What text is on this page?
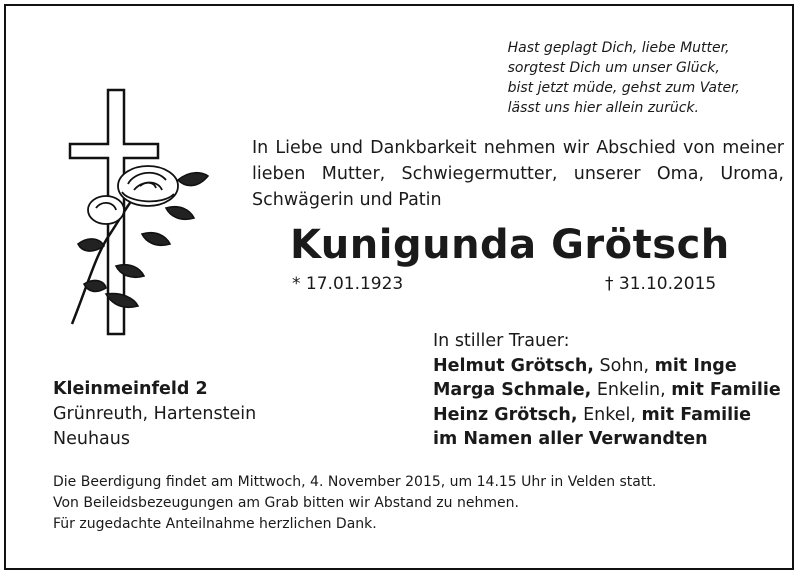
Hast geplagt Dich, liebe Mutter,
sorgtest Dich um unser Glück,
bist jetzt müde, gehst zum Vater,
lässt uns hier allein zurück.
In Liebe und Dankbarkeit nehmen wir Abschied von meiner
lieben Mutter, Schwiegermutter, unserer Oma, Uroma,
Schwägerin und Patin
Kunigunda Grötsch
* 17.01.1923	† 31.10.2015
In stiller Trauer:
Helmut Grötsch, Sohn, mit Inge
Marga Schmale, Enkelin, mit Familie
Heinz Grötsch, Enkel, mit Familie
im Namen aller Verwandten
Kleinmeinfeld 2
Grünreuth, Hartenstein
Neuhaus
Die Beerdigung findet am Mittwoch, 4. November 2015, um 14.15 Uhr in Velden statt.
Von Beileidsbezeugungen am Grab bitten wir Abstand zu nehmen.
Für zugedachte Anteilnahme herzlichen Dank.
